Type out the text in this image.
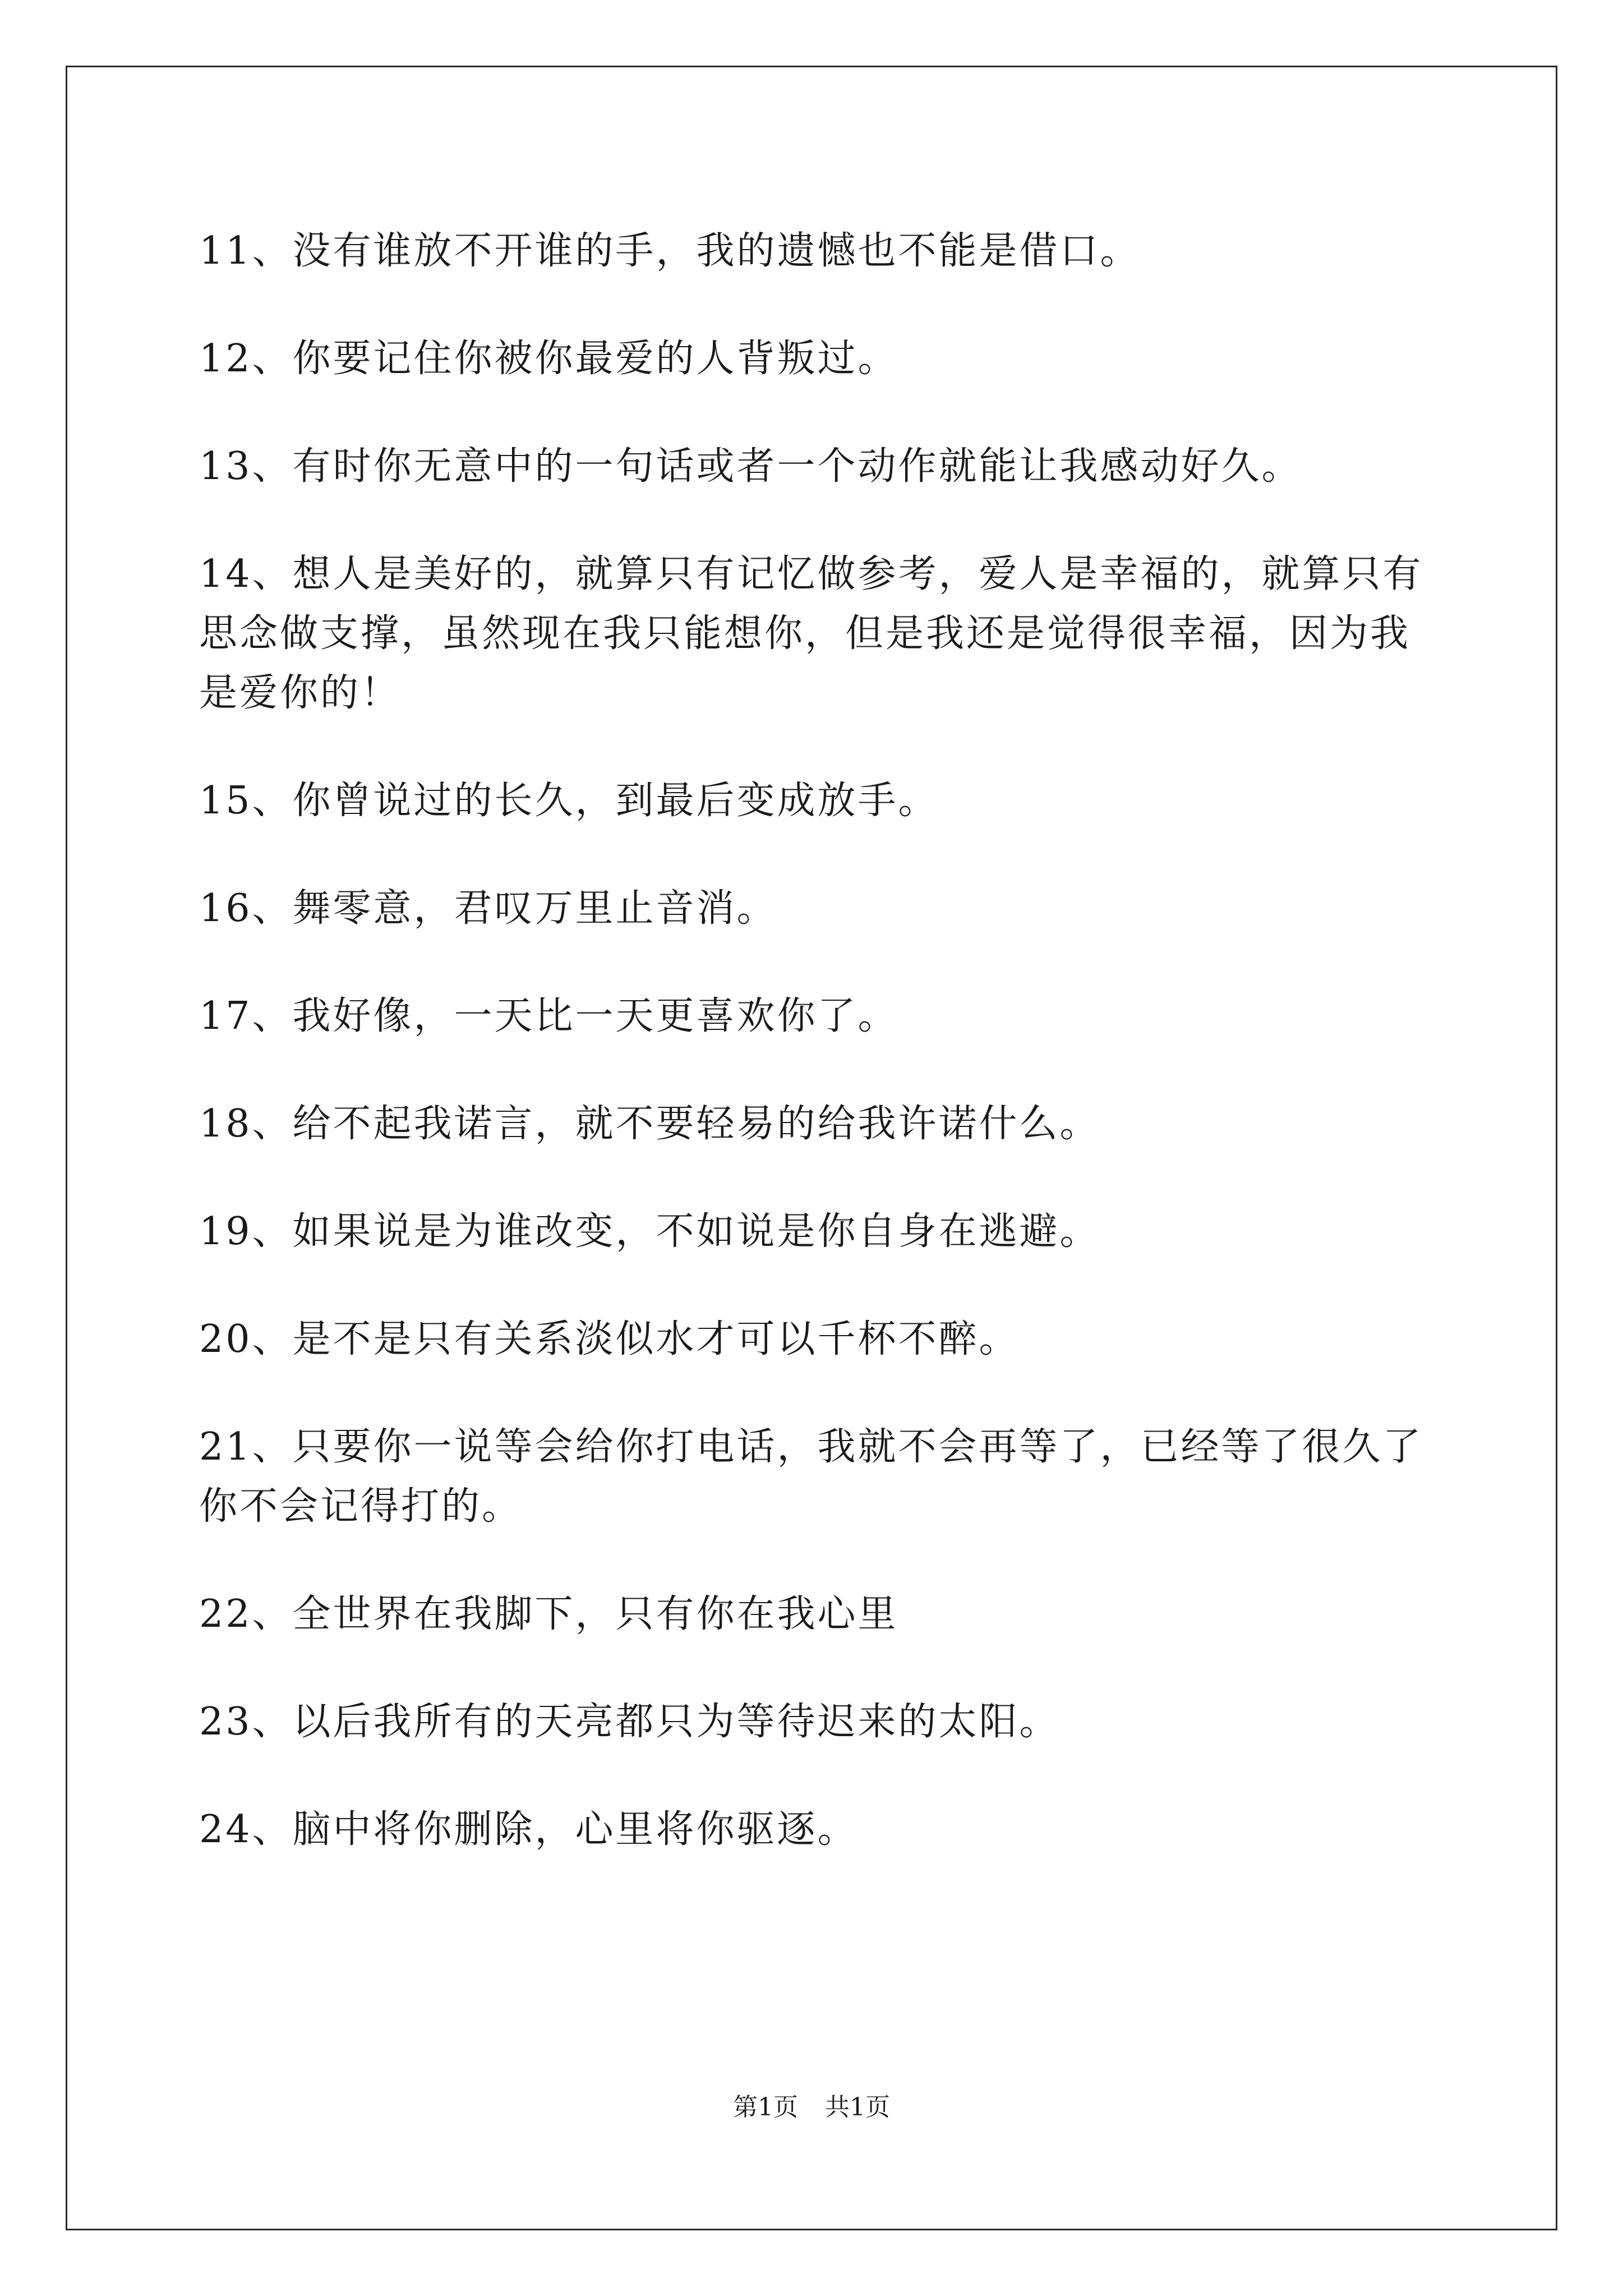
11、没有谁放不开谁的手，我的遗憾也不能是借口。
12、你要记住你被你最爱的人背叛过。
13、有时你无意中的一句话或者一个动作就能让我感动好久。
14、想人是美好的，就算只有记忆做参考，爱人是幸福的，就算只有思念做支撑，虽然现在我只能想你，但是我还是觉得很幸福，因为我是爱你的！
15、你曾说过的长久，到最后变成放手。
16、舞零意，君叹万里止音消。
17、我好像，一天比一天更喜欢你了。
18、给不起我诺言，就不要轻易的给我许诺什么。
19、如果说是为谁改变，不如说是你自身在逃避。
20、是不是只有关系淡似水才可以千杯不醉。
21、只要你一说等会给你打电话，我就不会再等了，已经等了很久了你不会记得打的。
22、全世界在我脚下，只有你在我心里
23、以后我所有的天亮都只为等待迟来的太阳。
24、脑中将你删除，心里将你驱逐。
第1页 共1页
